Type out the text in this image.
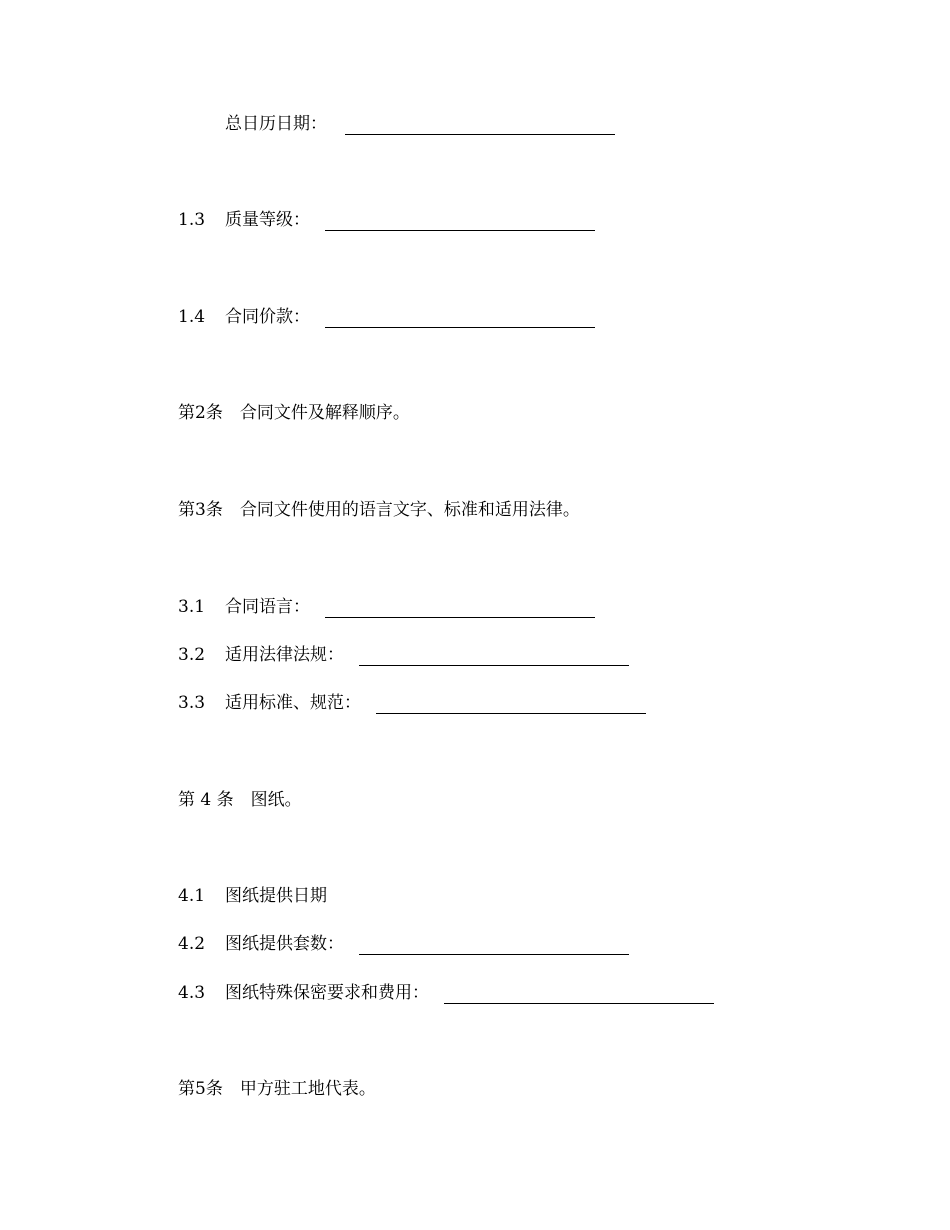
总日历日期：
1.3 质量等级：
1.4 合同价款：
第2条　合同文件及解释顺序。
第3条　合同文件使用的语言文字、标准和适用法律。
3.1 合同语言：
3.2 适用法律法规：
3.3 适用标准、规范：
第 4 条　图纸。
4.1 图纸提供日期
4.2 图纸提供套数：
4.3 图纸特殊保密要求和费用：
第5条　甲方驻工地代表。
